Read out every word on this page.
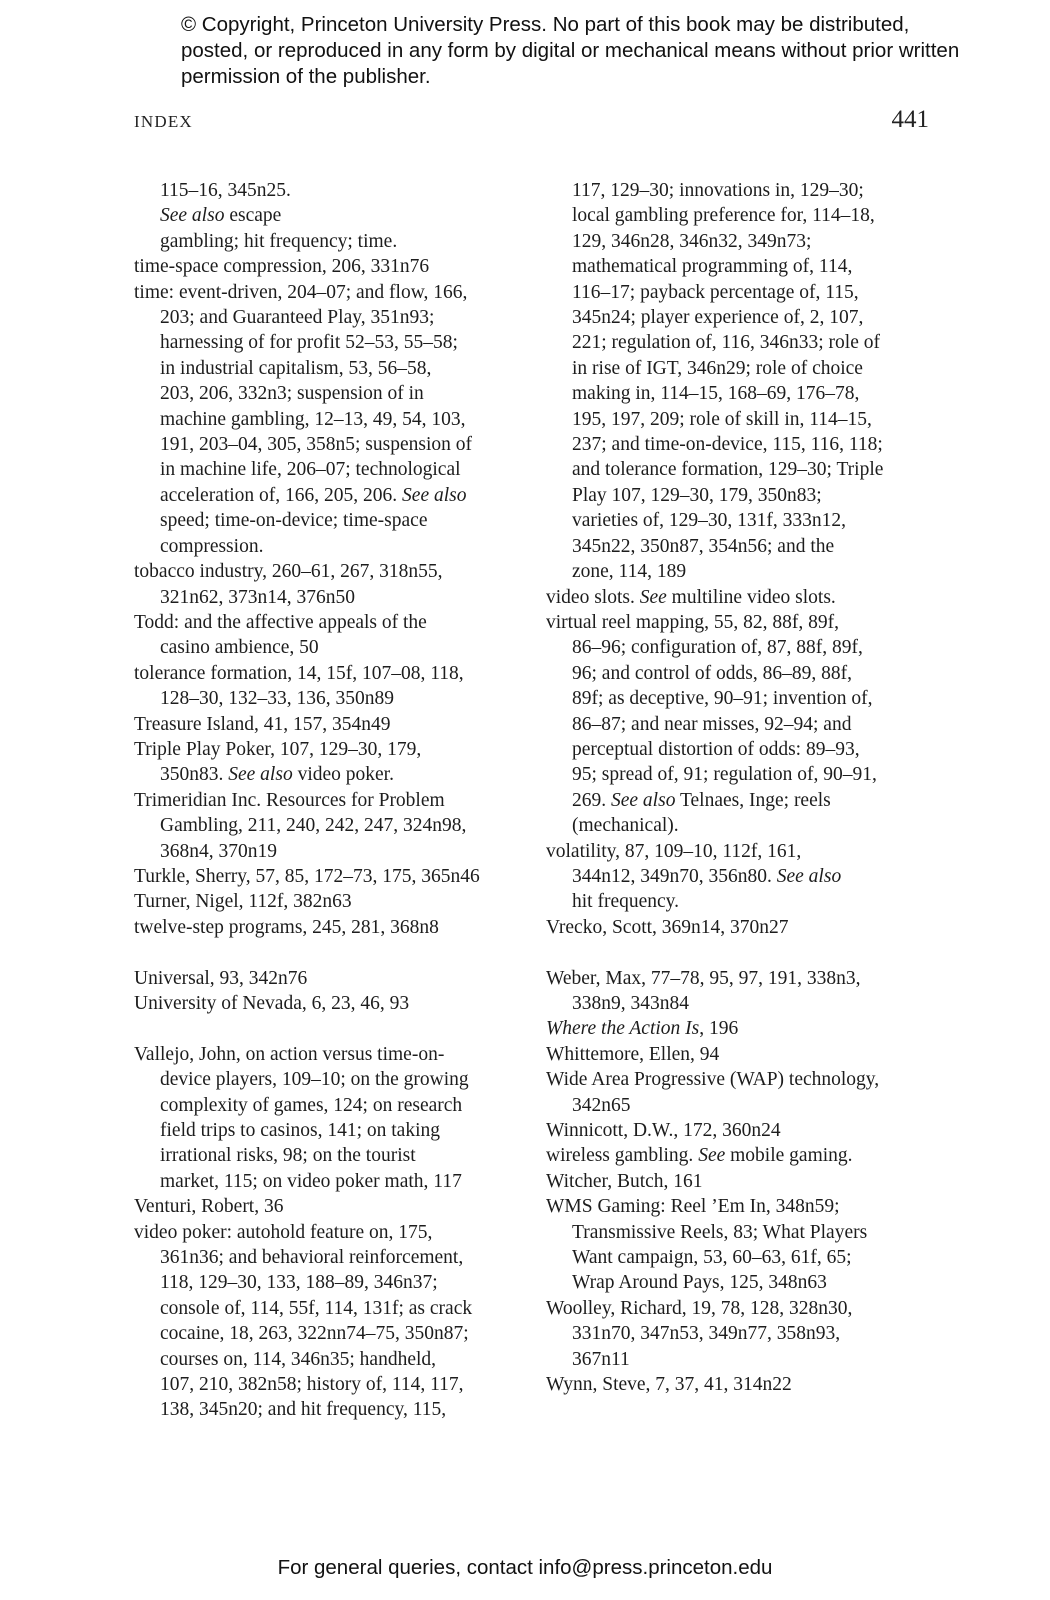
© Copyright, Princeton University Press. No part of this book may be distributed, posted, or reproduced in any form by digital or mechanical means without prior written permission of the publisher.
INDEX	441

115–16, 345n25.
See also escape
gambling; hit frequency; time.

time-space compression, 206, 331n76

time: event-driven, 204–07; and flow, 166,
203; and Guaranteed Play, 351n93;
harnessing of for profit 52–53, 55–58;
in industrial capitalism, 53, 56–58,
203, 206, 332n3; suspension of in
machine gambling, 12–13, 49, 54, 103,
191, 203–04, 305, 358n5; suspension of
in machine life, 206–07; technological
acceleration of, 166, 205, 206. See also
speed; time-on-device; time-space
compression.

tobacco industry, 260–61, 267, 318n55,
321n62, 373n14, 376n50

Todd: and the affective appeals of the
casino ambience, 50

tolerance formation, 14, 15f, 107–08, 118,
128–30, 132–33, 136, 350n89

Treasure Island, 41, 157, 354n49

Triple Play Poker, 107, 129–30, 179,
350n83. See also video poker.

Trimeridian Inc. Resources for Problem
Gambling, 211, 240, 242, 247, 324n98,
368n4, 370n19

Turkle, Sherry, 57, 85, 172–73, 175, 365n46

Turner, Nigel, 112f, 382n63

twelve-step programs, 245, 281, 368n8

Universal, 93, 342n76

University of Nevada, 6, 23, 46, 93

Vallejo, John, on action versus time-on-
device players, 109–10; on the growing
complexity of games, 124; on research
field trips to casinos, 141; on taking
irrational risks, 98; on the tourist
market, 115; on video poker math, 117

Venturi, Robert, 36

video poker: autohold feature on, 175,
361n36; and behavioral reinforcement,
118, 129–30, 133, 188–89, 346n37;
console of, 114, 55f, 114, 131f; as crack
cocaine, 18, 263, 322nn74–75, 350n87;
courses on, 114, 346n35; handheld,
107, 210, 382n58; history of, 114, 117,
138, 345n20; and hit frequency, 115,

117, 129–30; innovations in, 129–30;
local gambling preference for, 114–18,
129, 346n28, 346n32, 349n73;
mathematical programming of, 114,
116–17; payback percentage of, 115,
345n24; player experience of, 2, 107,
221; regulation of, 116, 346n33; role of
in rise of IGT, 346n29; role of choice
making in, 114–15, 168–69, 176–78,
195, 197, 209; role of skill in, 114–15,
237; and time-on-device, 115, 116, 118;
and tolerance formation, 129–30; Triple
Play 107, 129–30, 179, 350n83;
varieties of, 129–30, 131f, 333n12,
345n22, 350n87, 354n56; and the
zone, 114, 189

video slots. See multiline video slots.

virtual reel mapping, 55, 82, 88f, 89f,
86–96; configuration of, 87, 88f, 89f,
96; and control of odds, 86–89, 88f,
89f; as deceptive, 90–91; invention of,
86–87; and near misses, 92–94; and
perceptual distortion of odds: 89–93,
95; spread of, 91; regulation of, 90–91,
269. See also Telnaes, Inge; reels
(mechanical).

volatility, 87, 109–10, 112f, 161,
344n12, 349n70, 356n80. See also
hit frequency.

Vrecko, Scott, 369n14, 370n27

Weber, Max, 77–78, 95, 97, 191, 338n3,
338n9, 343n84

Where the Action Is, 196

Whittemore, Ellen, 94

Wide Area Progressive (WAP) technology,
342n65

Winnicott, D.W., 172, 360n24

wireless gambling. See mobile gaming.

Witcher, Butch, 161

WMS Gaming: Reel ’Em In, 348n59;
Transmissive Reels, 83; What Players
Want campaign, 53, 60–63, 61f, 65;
Wrap Around Pays, 125, 348n63

Woolley, Richard, 19, 78, 128, 328n30,
331n70, 347n53, 349n77, 358n93,
367n11

Wynn, Steve, 7, 37, 41, 314n22

For general queries, contact info@press.princeton.edu
